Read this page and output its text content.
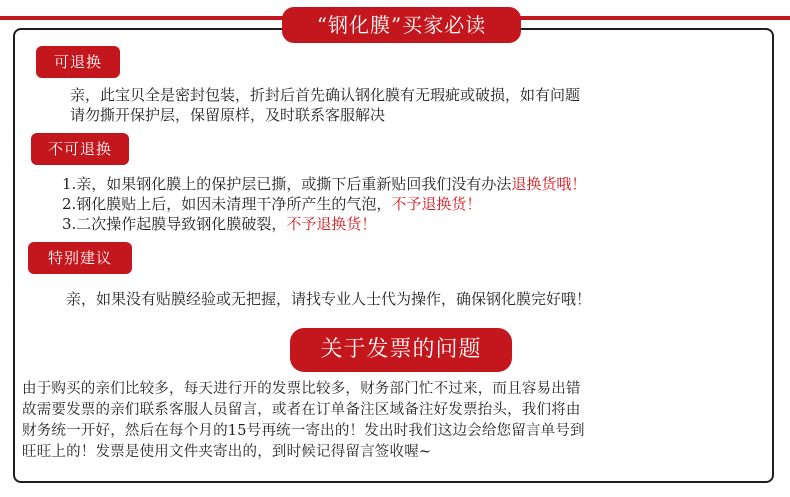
“钢化膜”买家必读
可退换
亲，此宝贝全是密封包装，折封后首先确认钢化膜有无瑕疵或破损，如有问题
请勿撕开保护层，保留原样，及时联系客服解决
不可退换
1.亲，如果钢化膜上的保护层已撕，或撕下后重新贴回我们没有办法退换货哦！
2.钢化膜贴上后，如因未清理干净所产生的气泡，不予退换货！
3.二次操作起膜导致钢化膜破裂，不予退换货！
特别建议
亲，如果没有贴膜经验或无把握，请找专业人士代为操作，确保钢化膜完好哦！
关于发票的问题
由于购买的亲们比较多，每天进行开的发票比较多，财务部门忙不过来，而且容易出错
故需要发票的亲们联系客服人员留言，或者在订单备注区域备注好发票抬头，我们将由
财务统一开好，然后在每个月的15号再统一寄出的！发出时我们这边会给您留言单号到
旺旺上的！发票是使用文件夹寄出的，到时候记得留言签收喔~
